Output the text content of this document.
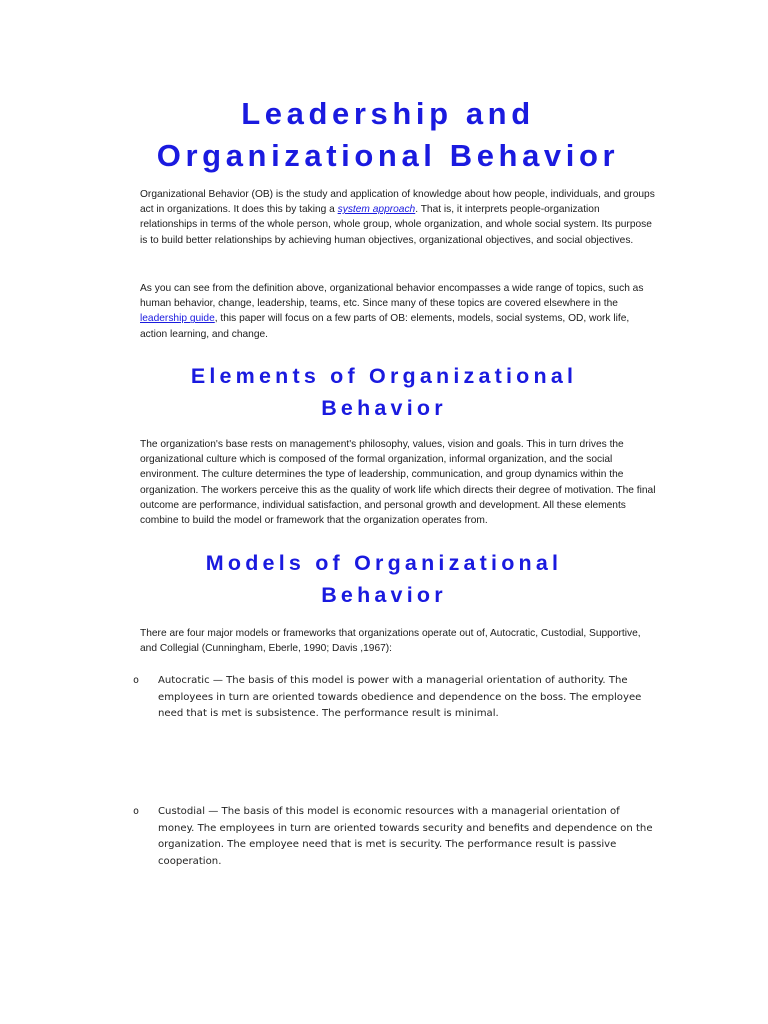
Leadership and
Organizational Behavior

Organizational Behavior (OB) is the study and application of knowledge about how people, individuals, and groups act in organizations. It does this by taking a system approach. That is, it interprets people-organization relationships in terms of the whole person, whole group, whole organization, and whole social system. Its purpose is to build better relationships by achieving human objectives, organizational objectives, and social objectives.

As you can see from the definition above, organizational behavior encompasses a wide range of topics, such as human behavior, change, leadership, teams, etc. Since many of these topics are covered elsewhere in the leadership guide, this paper will focus on a few parts of OB: elements, models, social systems, OD, work life, action learning, and change.

Elements of Organizational
Behavior

The organization's base rests on management's philosophy, values, vision and goals. This in turn drives the organizational culture which is composed of the formal organization, informal organization, and the social environment. The culture determines the type of leadership, communication, and group dynamics within the organization. The workers perceive this as the quality of work life which directs their degree of motivation. The final outcome are performance, individual satisfaction, and personal growth and development. All these elements combine to build the model or framework that the organization operates from.

Models of Organizational
Behavior

There are four major models or frameworks that organizations operate out of, Autocratic, Custodial, Supportive, and Collegial (Cunningham, Eberle, 1990; Davis ,1967):

o Autocratic — The basis of this model is power with a managerial orientation of authority. The employees in turn are oriented towards obedience and dependence on the boss. The employee need that is met is subsistence. The performance result is minimal.

o Custodial — The basis of this model is economic resources with a managerial orientation of money. The employees in turn are oriented towards security and benefits and dependence on the organization. The employee need that is met is security. The performance result is passive cooperation.
